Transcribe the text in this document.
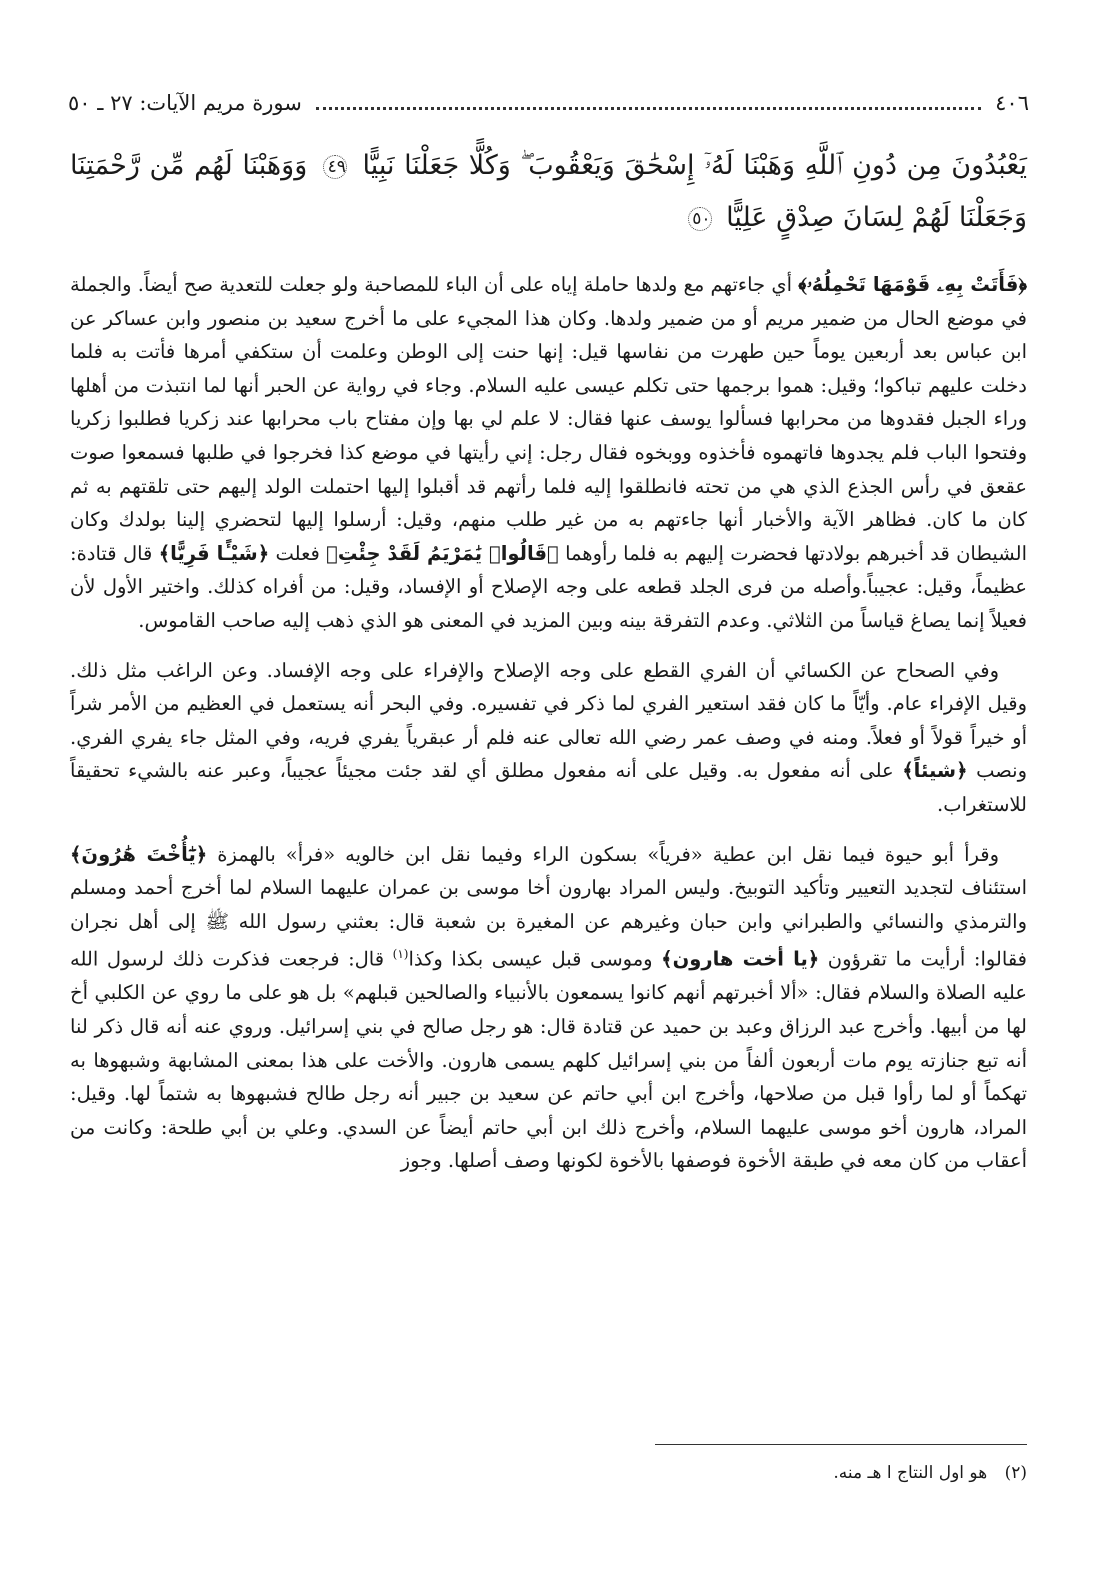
٤٠٦
سورة مريم الآيات: ٢٧ ـ ٥٠
يَعْبُدُونَ مِن دُونِ ٱللَّهِ وَهَبْنَا لَهُۥٓ إِسْحَٰقَ وَيَعْقُوبَ ۖ وَكُلًّا جَعَلْنَا نَبِيًّا ٤٩ وَوَهَبْنَا لَهُم مِّن رَّحْمَتِنَا وَجَعَلْنَا لَهُمْ لِسَانَ صِدْقٍ عَلِيًّا ٥٠

﴿فَأَتَتْ بِهِۦ قَوْمَهَا تَحْمِلُهُۥ﴾ أي جاءتهم مع ولدها حاملة إياه على أن الباء للمصاحبة ولو جعلت للتعدية صح أيضاً. والجملة في موضع الحال من ضمير مريم أو من ضمير ولدها. وكان هذا المجيء على ما أخرج سعيد بن منصور وابن عساكر عن ابن عباس بعد أربعين يوماً حين طهرت من نفاسها قيل: إنها حنت إلى الوطن وعلمت أن ستكفي أمرها فأتت به فلما دخلت عليهم تباكوا؛ وقيل: هموا برجمها حتى تكلم عيسى عليه السلام. وجاء في رواية عن الحبر أنها لما انتبذت من أهلها وراء الجبل فقدوها من محرابها فسألوا يوسف عنها فقال: لا علم لي بها وإن مفتاح باب محرابها عند زكريا فطلبوا زكريا وفتحوا الباب فلم يجدوها فاتهموه فأخذوه ووبخوه فقال رجل: إني رأيتها في موضع كذا فخرجوا في طلبها فسمعوا صوت عقعق في رأس الجذع الذي هي من تحته فانطلقوا إليه فلما رأتهم قد أقبلوا إليها احتملت الولد إليهم حتى تلقتهم به ثم كان ما كان. فظاهر الآية والأخبار أنها جاءتهم به من غير طلب منهم، وقيل: أرسلوا إليها لتحضري إلينا بولدك وكان الشيطان قد أخبرهم بولادتها فحضرت إليهم به فلما رأوهما ﴿قَالُوا۟ يَٰمَرْيَمُ لَقَدْ جِئْتِ﴾ فعلت ﴿شَيْـًٔا فَرِيًّا﴾ قال قتادة: عظيماً، وقيل: عجيباً.وأصله من فرى الجلد قطعه على وجه الإصلاح أو الإفساد، وقيل: من أفراه كذلك. واختير الأول لأن فعيلاً إنما يصاغ قياساً من الثلاثي. وعدم التفرقة بينه وبين المزيد في المعنى هو الذي ذهب إليه صاحب القاموس.

وفي الصحاح عن الكسائي أن الفري القطع على وجه الإصلاح والإفراء على وجه الإفساد. وعن الراغب مثل ذلك. وقيل الإفراء عام. وأيّاً ما كان فقد استعير الفري لما ذكر في تفسيره. وفي البحر أنه يستعمل في العظيم من الأمر شراً أو خيراً قولاً أو فعلاً. ومنه في وصف عمر رضي الله تعالى عنه فلم أر عبقرياً يفري فريه، وفي المثل جاء يفري الفري. ونصب ﴿شيئاً﴾ على أنه مفعول به. وقيل على أنه مفعول مطلق أي لقد جئت مجيئاً عجيباً، وعبر عنه بالشيء تحقيقاً للاستغراب.

وقرأ أبو حيوة فيما نقل ابن عطية «فرياً» بسكون الراء وفيما نقل ابن خالويه «فرأ» بالهمزة ﴿يَٰٓأُخْتَ هَٰرُونَ﴾ استئناف لتجديد التعيير وتأكيد التوبيخ. وليس المراد بهارون أخا موسى بن عمران عليهما السلام لما أخرج أحمد ومسلم والترمذي والنسائي والطبراني وابن حبان وغيرهم عن المغيرة بن شعبة قال: بعثني رسول الله ﷺ إلى أهل نجران فقالوا: أرأيت ما تقرؤون ﴿يا أخت هارون﴾ وموسى قبل عيسى بكذا وكذا$^{(١)}$ قال: فرجعت فذكرت ذلك لرسول الله عليه الصلاة والسلام فقال: «ألا أخبرتهم أنهم كانوا يسمعون بالأنبياء والصالحين قبلهم» بل هو على ما روي عن الكلبي أخ لها من أبيها. وأخرج عبد الرزاق وعبد بن حميد عن قتادة قال: هو رجل صالح في بني إسرائيل. وروي عنه أنه قال ذكر لنا أنه تبع جنازته يوم مات أربعون ألفاً من بني إسرائيل كلهم يسمى هارون. والأخت على هذا بمعنى المشابهة وشبهوها به تهكماً أو لما رأوا قبل من صلاحها، وأخرج ابن أبي حاتم عن سعيد بن جبير أنه رجل طالح فشبهوها به شتماً لها. وقيل: المراد، هارون أخو موسى عليهما السلام، وأخرج ذلك ابن أبي حاتم أيضاً عن السدي. وعلي بن أبي طلحة: وكانت من أعقاب من كان معه في طبقة الأخوة فوصفها بالأخوة لكونها وصف أصلها. وجوز

(٢) هو اول النتاج ا هـ منه.
